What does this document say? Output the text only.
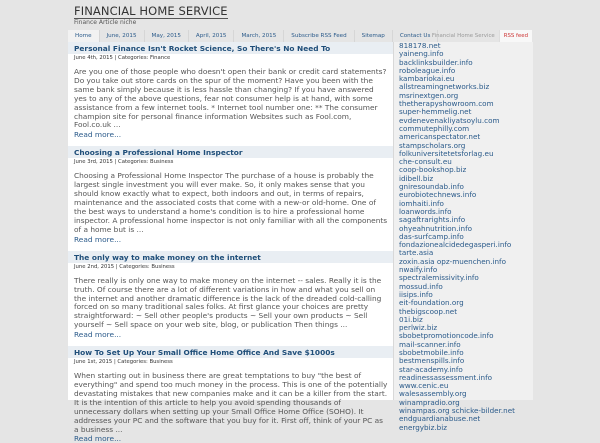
FINANCIAL HOME SERVICE
Finance Article niche
Home	June, 2015	May, 2015	April, 2015	March, 2015	Subscribe RSS Feed	Sitemap	Contact Us Financial Home Service	RSS feed
Personal Finance Isn't Rocket Science, So There's No Need To
June 4th, 2015 | Categories: Finance
Are you one of those people who doesn't open their bank or credit card statements? Do you take out store cards on the spur of the moment? Have you been with the same bank simply because it is less hassle than changing? If you have answered yes to any of the above questions, fear not consumer help is at hand, with some assistance from a few internet tools. * Internet tool number one: ** The consumer champion site for personal finance information Websites such as Fool.com, Fool.co.uk ...
Read more...
Choosing a Professional Home Inspector
June 3rd, 2015 | Categories: Business
Choosing a Professional Home Inspector The purchase of a house is probably the largest single investment you will ever make. So, it only makes sense that you should know exactly what to expect, both indoors and out, in terms of repairs, maintenance and the associated costs that come with a new-or old-home. One of the best ways to understand a home's condition is to hire a professional home inspector. A professional home inspector is not only familiar with all the components of a home but is ...
Read more...
The only way to make money on the internet
June 2nd, 2015 | Categories: Business
There really is only one way to make money on the internet -- sales. Really it is the truth. Of course there are a lot of different variations in how and what you sell on the internet and another dramatic difference is the lack of the dreaded cold-calling forced on so many traditional sales folks. At first glance your choices are pretty straightforward: ~ Sell other people's products ~ Sell your own products ~ Sell yourself ~ Sell space on your web site, blog, or publication Then things ...
Read more...
How To Set Up Your Small Office Home Office And Save $1000s
June 1st, 2015 | Categories: Business
When starting out in business there are great temptations to buy "the best of everything" and spend too much money in the process. This is one of the potentially devastating mistakes that new companies make and it can be a killer from the start. It is the intention of this article to help you avoid spending thousands of unnecessary dollars when setting up your Small Office Home Office (SOHO). It addresses your PC and the software that you buy for it. First off, think of your PC as a business ...
Read more...
818178.net
yaineng.info
backlinksbuilder.info
roboleague.info
kambariokai.eu
allstreamingnetworks.biz
msrinextgen.org
thetherapyshowroom.com
super-hemmelig.net
evdenevenakliyatsoylu.com
commutephilly.com
americanspectator.net
stampscholars.org
folkuniversitetetsforlag.eu
che-consult.eu
coop-bookshop.biz
idibell.biz
gniresoundab.info
eurobiotechnews.info
iomhaiti.info
loanwords.info
sagaftrarights.info
ohyeahnutrition.info
das-surfcamp.info
fondazionealcidedegasperi.info
tarte.asia
zoxin.asia opz-muenchen.info
nwaify.info
spectralemissivity.info
mossud.info
iisips.info
eit-foundation.org
thebigscoop.net
01i.biz
perlwiz.biz
sbobetpromotioncode.info
mail-scanner.info
sbobetmobile.info
bestmenspills.info
star-academy.info
readinessassessment.info
www.cenic.eu
walesassembly.org
winampradio.org
winampas.org schicke-bilder.net
endguardianabuse.net
energybiz.biz
